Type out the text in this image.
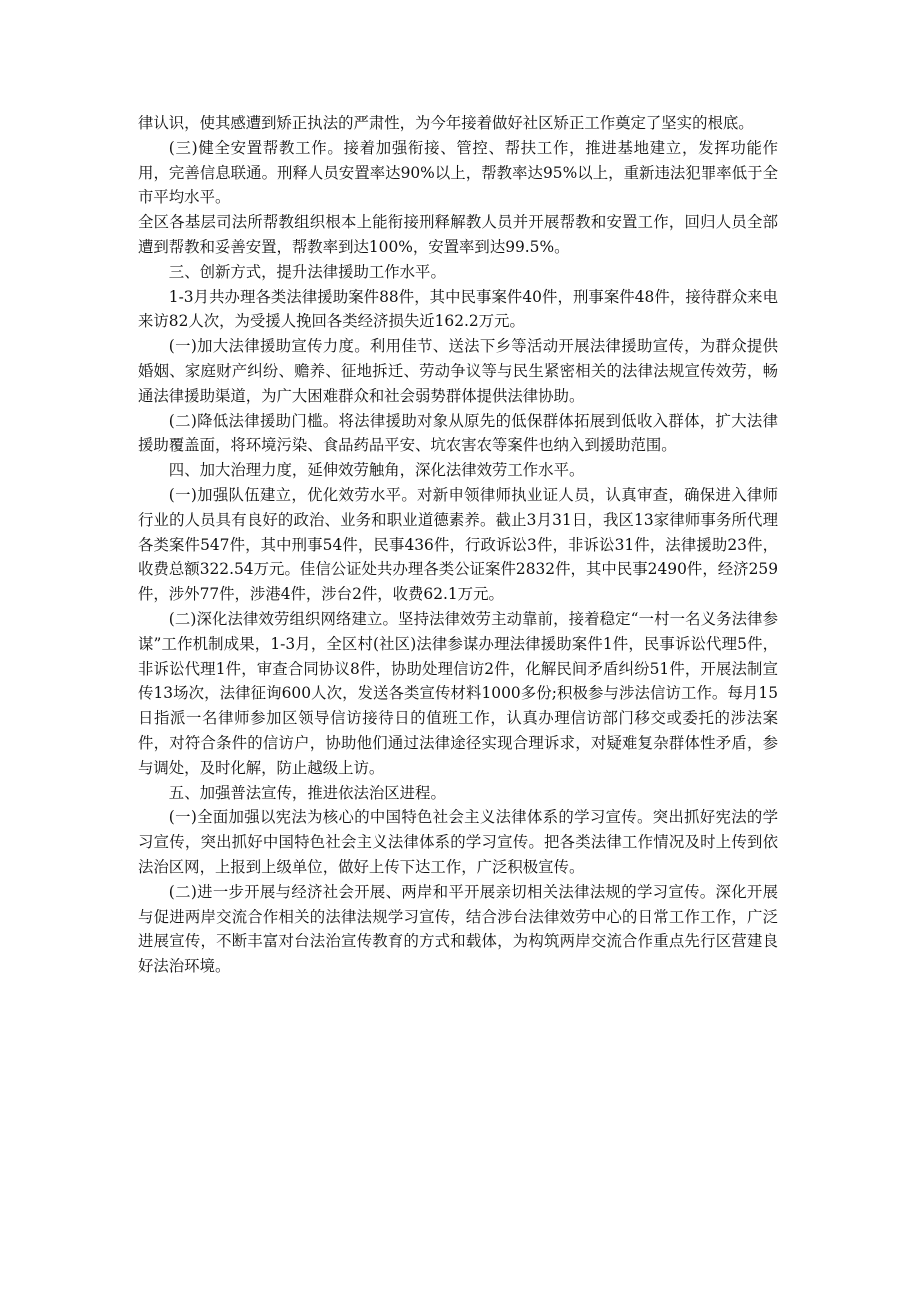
律认识，使其感遭到矫正执法的严肃性，为今年接着做好社区矫正工作奠定了坚实的根底。

(三)健全安置帮教工作。接着加强衔接、管控、帮扶工作，推进基地建立，发挥功能作用，完善信息联通。刑释人员安置率达90%以上，帮教率达95%以上，重新违法犯罪率低于全市平均水平。

全区各基层司法所帮教组织根本上能衔接刑释解教人员并开展帮教和安置工作，回归人员全部遭到帮教和妥善安置，帮教率到达100%，安置率到达99.5%。

三、创新方式，提升法律援助工作水平。

1-3月共办理各类法律援助案件88件，其中民事案件40件，刑事案件48件，接待群众来电来访82人次，为受援人挽回各类经济损失近162.2万元。

(一)加大法律援助宣传力度。利用佳节、送法下乡等活动开展法律援助宣传，为群众提供婚姻、家庭财产纠纷、赡养、征地拆迁、劳动争议等与民生紧密相关的法律法规宣传效劳，畅通法律援助渠道，为广大困难群众和社会弱势群体提供法律协助。

(二)降低法律援助门槛。将法律援助对象从原先的低保群体拓展到低收入群体，扩大法律援助覆盖面，将环境污染、食品药品平安、坑农害农等案件也纳入到援助范围。

四、加大治理力度，延伸效劳触角，深化法律效劳工作水平。

(一)加强队伍建立，优化效劳水平。对新申领律师执业证人员，认真审查，确保进入律师行业的人员具有良好的政治、业务和职业道德素养。截止3月31日，我区13家律师事务所代理各类案件547件，其中刑事54件，民事436件，行政诉讼3件，非诉讼31件，法律援助23件，收费总额322.54万元。佳信公证处共办理各类公证案件2832件，其中民事2490件，经济259件，涉外77件，涉港4件，涉台2件，收费62.1万元。

(二)深化法律效劳组织网络建立。坚持法律效劳主动靠前，接着稳定“一村一名义务法律参谋”工作机制成果，1-3月，全区村(社区)法律参谋办理法律援助案件1件，民事诉讼代理5件，非诉讼代理1件，审查合同协议8件，协助处理信访2件，化解民间矛盾纠纷51件，开展法制宣传13场次，法律征询600人次，发送各类宣传材料1000多份;积极参与涉法信访工作。每月15日指派一名律师参加区领导信访接待日的值班工作，认真办理信访部门移交或委托的涉法案件，对符合条件的信访户，协助他们通过法律途径实现合理诉求，对疑难复杂群体性矛盾，参与调处，及时化解，防止越级上访。

五、加强普法宣传，推进依法治区进程。

(一)全面加强以宪法为核心的中国特色社会主义法律体系的学习宣传。突出抓好宪法的学习宣传，突出抓好中国特色社会主义法律体系的学习宣传。把各类法律工作情况及时上传到依法治区网，上报到上级单位，做好上传下达工作，广泛积极宣传。

(二)进一步开展与经济社会开展、两岸和平开展亲切相关法律法规的学习宣传。深化开展与促进两岸交流合作相关的法律法规学习宣传，结合涉台法律效劳中心的日常工作工作，广泛进展宣传，不断丰富对台法治宣传教育的方式和载体，为构筑两岸交流合作重点先行区营建良好法治环境。
